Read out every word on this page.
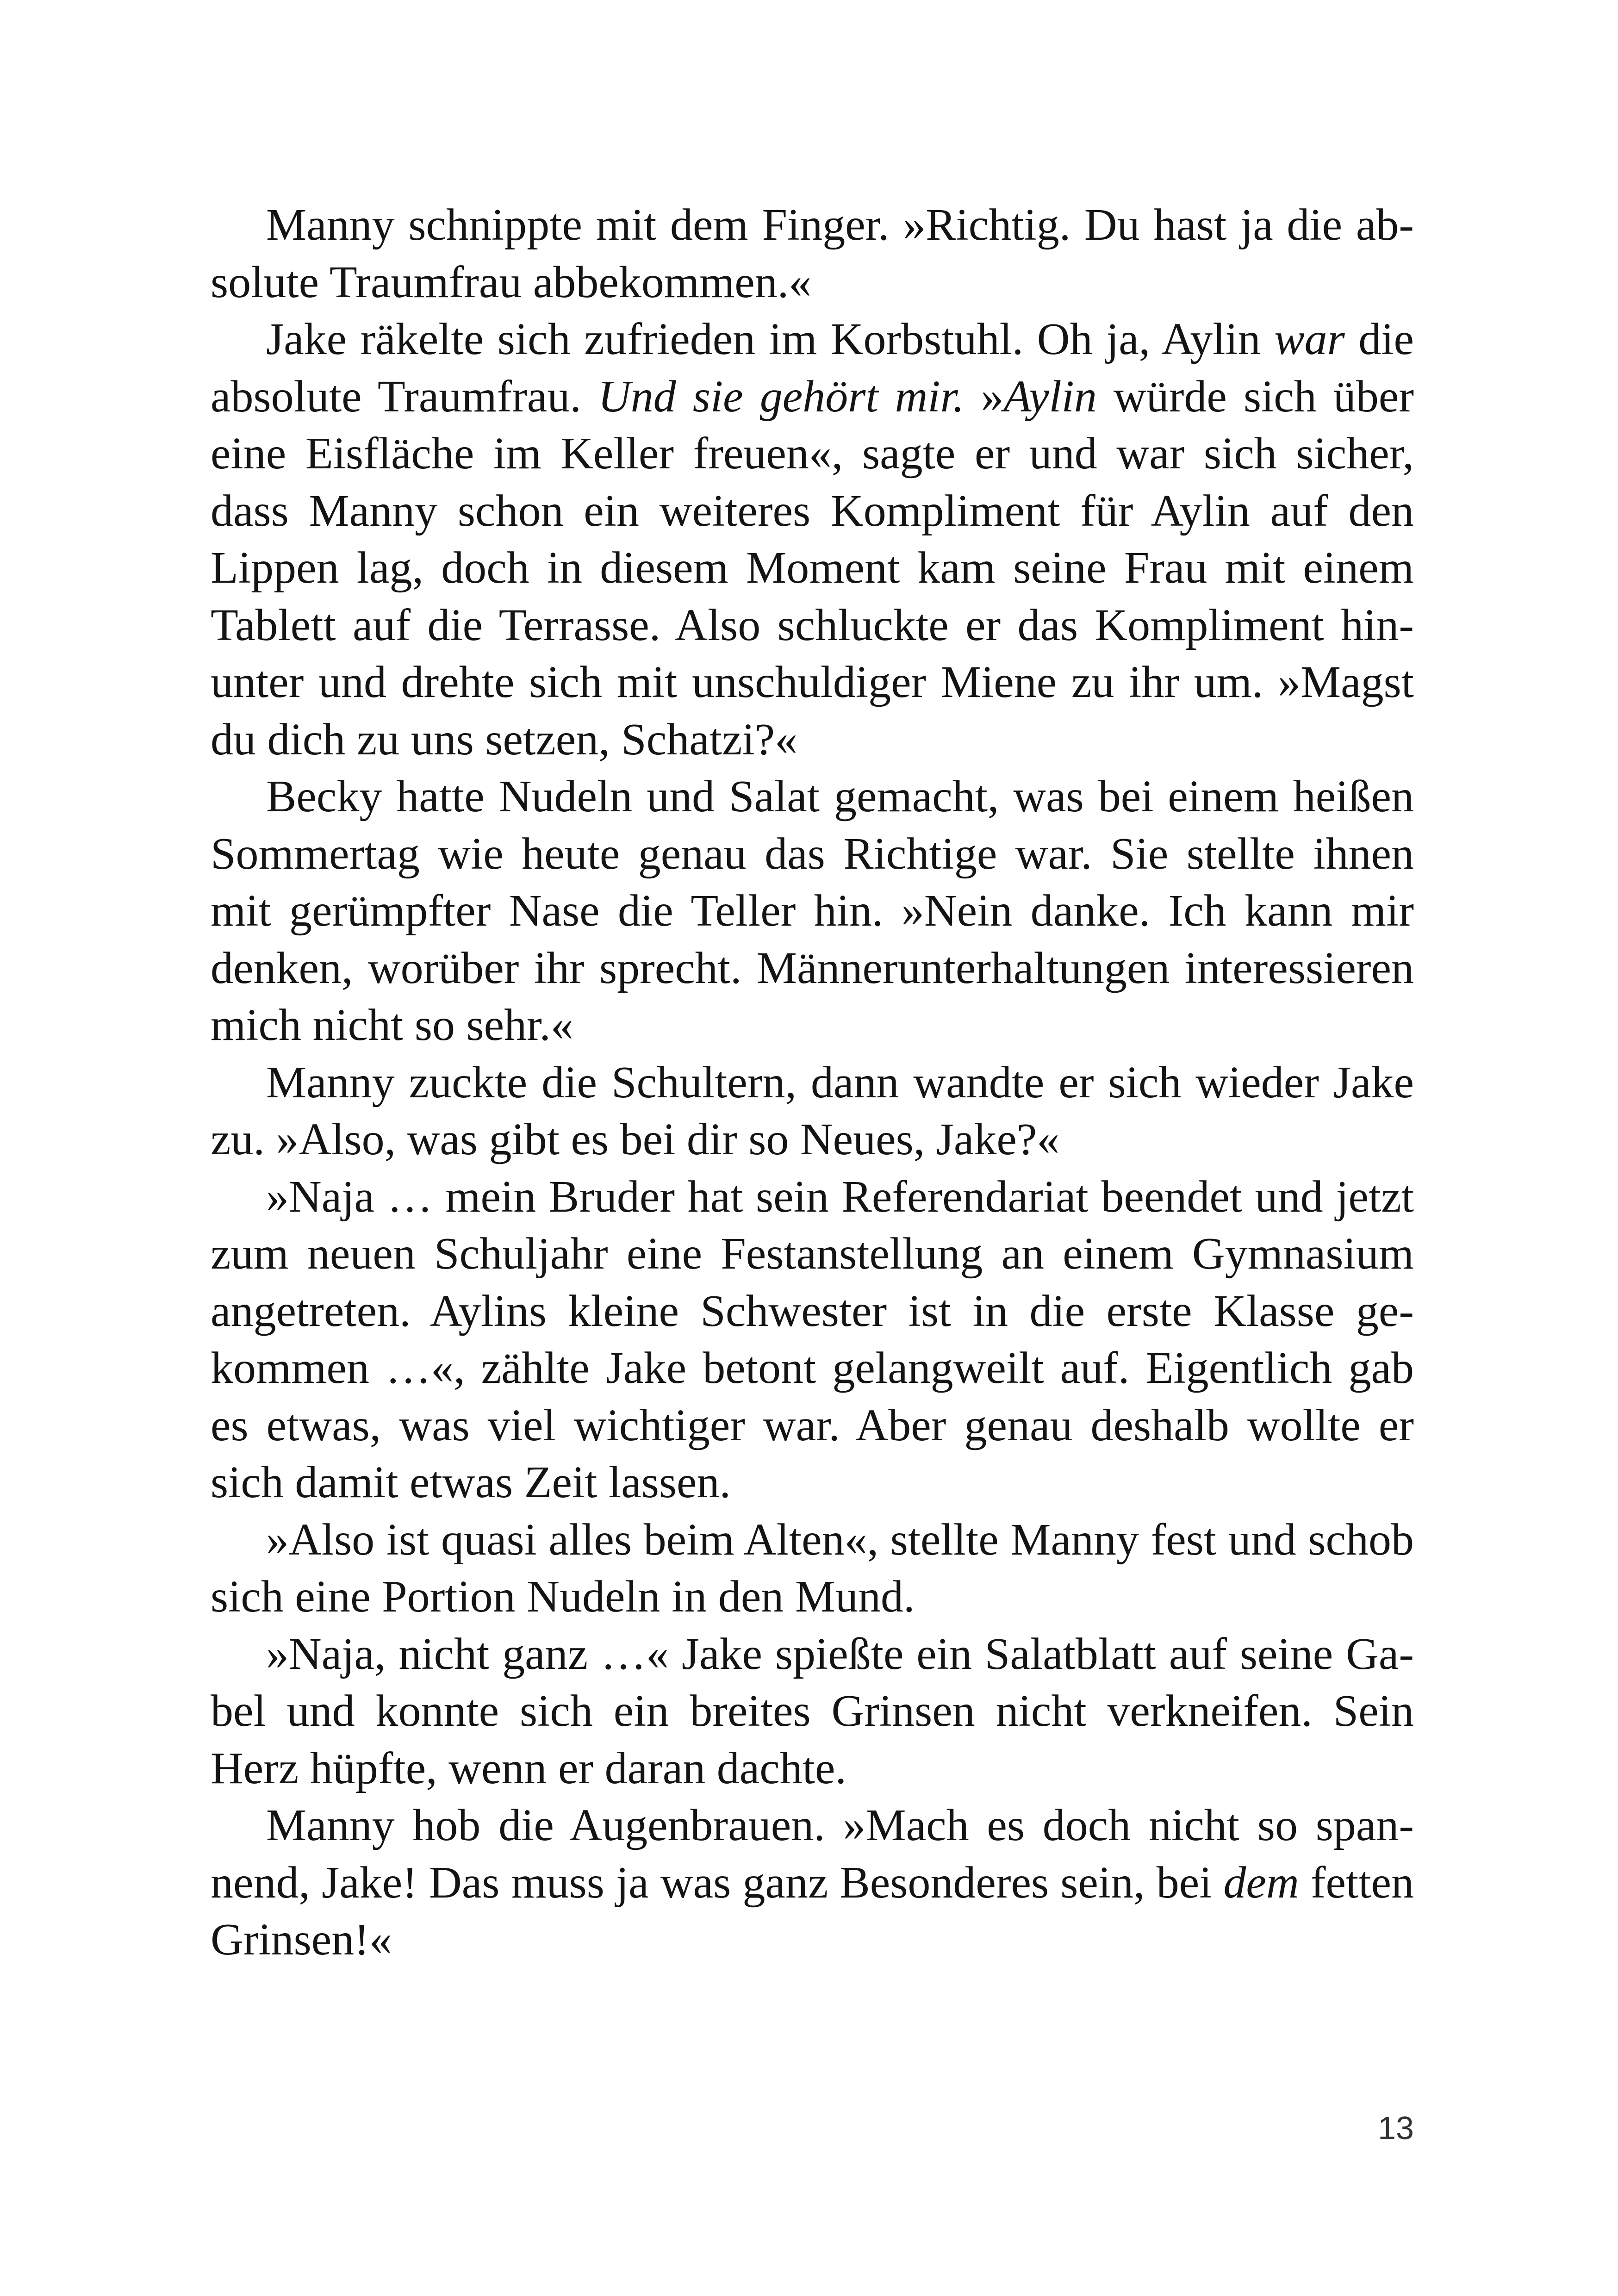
Manny schnippte mit dem Finger. »Richtig. Du hast ja die absolute Traumfrau abbekommen.«

Jake räkelte sich zufrieden im Korbstuhl. Oh ja, Aylin war die absolute Traumfrau. Und sie gehört mir. »Aylin würde sich über eine Eisfläche im Keller freuen«, sagte er und war sich sicher, dass Manny schon ein weiteres Kompliment für Aylin auf den Lippen lag, doch in diesem Moment kam seine Frau mit einem Tablett auf die Terrasse. Also schluckte er das Kompliment hinunter und drehte sich mit unschuldiger Miene zu ihr um. »Magst du dich zu uns setzen, Schatzi?«

Becky hatte Nudeln und Salat gemacht, was bei einem heißen Sommertag wie heute genau das Richtige war. Sie stellte ihnen mit gerümpfter Nase die Teller hin. »Nein danke. Ich kann mir denken, worüber ihr sprecht. Männerunterhaltungen interessieren mich nicht so sehr.«

Manny zuckte die Schultern, dann wandte er sich wieder Jake zu. »Also, was gibt es bei dir so Neues, Jake?«

»Naja … mein Bruder hat sein Referendariat beendet und jetzt zum neuen Schuljahr eine Festanstellung an einem Gymnasium angetreten. Aylins kleine Schwester ist in die erste Klasse gekommen …«, zählte Jake betont gelangweilt auf. Eigentlich gab es etwas, was viel wichtiger war. Aber genau deshalb wollte er sich damit etwas Zeit lassen.

»Also ist quasi alles beim Alten«, stellte Manny fest und schob sich eine Portion Nudeln in den Mund.

»Naja, nicht ganz …« Jake spießte ein Salatblatt auf seine Gabel und konnte sich ein breites Grinsen nicht verkneifen. Sein Herz hüpfte, wenn er daran dachte.

Manny hob die Augenbrauen. »Mach es doch nicht so spannend, Jake! Das muss ja was ganz Besonderes sein, bei dem fetten Grinsen!«

13
